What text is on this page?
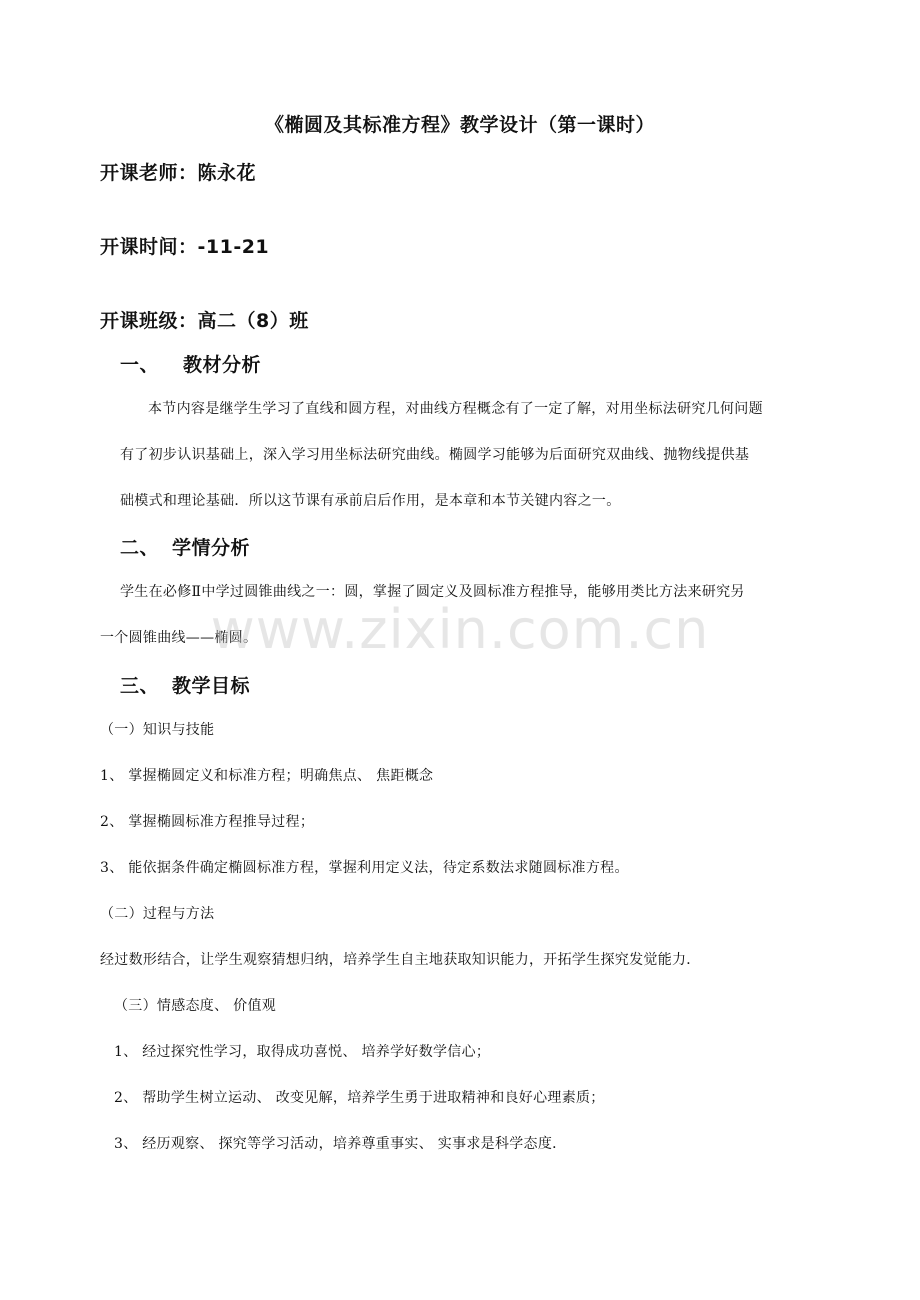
《椭圆及其标准方程》教学设计（第一课时）
开课老师：陈永花
开课时间：-11-21
开课班级：高二（8）班
一、 教材分析
本节内容是继学生学习了直线和圆方程，对曲线方程概念有了一定了解，对用坐标法研究几何问题
有了初步认识基础上，深入学习用坐标法研究曲线。椭圆学习能够为后面研究双曲线、抛物线提供基
础模式和理论基础．所以这节课有承前启后作用，是本章和本节关键内容之一。
二、 学情分析
学生在必修Ⅱ中学过圆锥曲线之一：圆，掌握了圆定义及圆标准方程推导，能够用类比方法来研究另
一个圆锥曲线——椭圆。
三、 教学目标
（一）知识与技能
1、 掌握椭圆定义和标准方程；明确焦点、 焦距概念
2、 掌握椭圆标准方程推导过程；
3、 能依据条件确定椭圆标准方程，掌握利用定义法，待定系数法求随圆标准方程。
（二）过程与方法
经过数形结合，让学生观察猜想归纳，培养学生自主地获取知识能力，开拓学生探究发觉能力．
（三）情感态度、 价值观
1、 经过探究性学习，取得成功喜悦、 培养学好数学信心；
2、 帮助学生树立运动、 改变见解，培养学生勇于进取精神和良好心理素质；
3、 经历观察、 探究等学习活动，培养尊重事实、 实事求是科学态度．
www.zixin.com.cn
